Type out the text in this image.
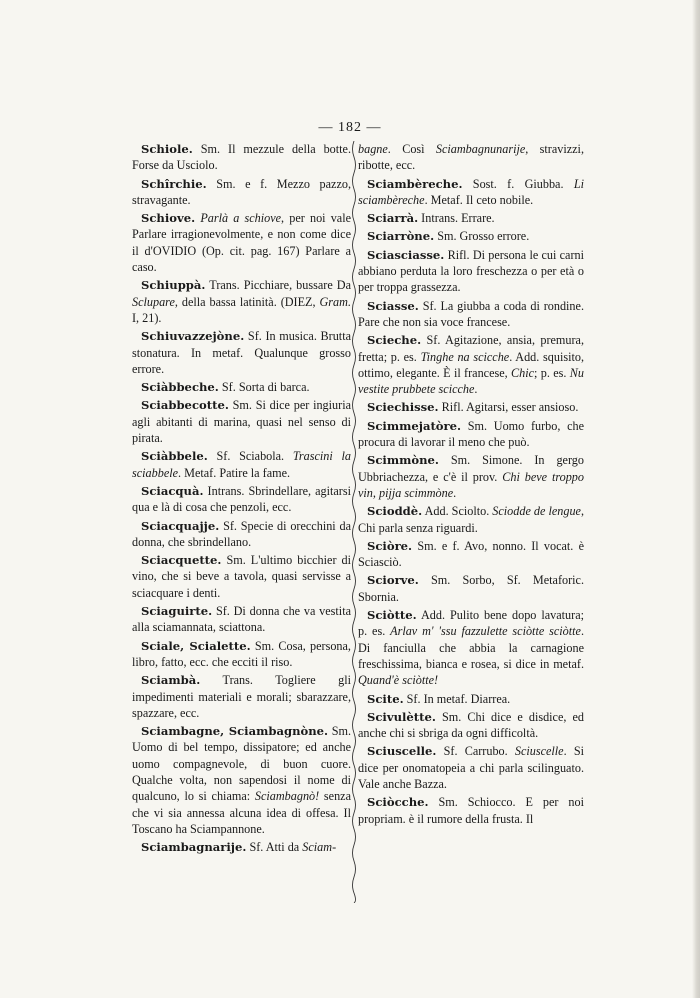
— 182 —

Schiole. Sm. Il mezzule della botte. Forse da Usciolo.

Schîrchie. Sm. e f. Mezzo pazzo, stravagante.

Schiove. Parlà a schiove, per noi vale Parlare irragionevolmente, e non come dice il d'OVIDIO (Op. cit. pag. 167) Parlare a caso.

Schiuppà. Trans. Picchiare, bussare Da Sclupare, della bassa latinità. (DIEZ, Gram. I, 21).

Schiuvazzejòne. Sf. In musica. Brutta stonatura. In metaf. Qualunque grosso errore.

Sciàbbeche. Sf. Sorta di barca.

Sciabbecotte. Sm. Si dice per ingiuria agli abitanti di marina, quasi nel senso di pirata.

Sciàbbele. Sf. Sciabola. Trascini la sciabbele. Metaf. Patire la fame.

Sciacquà. Intrans. Sbrindellare, agitarsi qua e là di cosa che penzoli, ecc.

Sciacquajje. Sf. Specie di orecchini da donna, che sbrindellano.

Sciacquette. Sm. L'ultimo bicchier di vino, che si beve a tavola, quasi servisse a sciacquare i denti.

Sciaguirte. Sf. Di donna che va vestita alla sciamannata, sciattona.

Sciale, Scialette. Sm. Cosa, persona, libro, fatto, ecc. che ecciti il riso.

Sciambà. Trans. Togliere gli impedimenti materiali e morali; sbarazzare, spazzare, ecc.

Sciambagne, Sciambagnòne. Sm. Uomo di bel tempo, dissipatore; ed anche uomo compagnevole, di buon cuore. Qualche volta, non sapendosi il nome di qualcuno, lo si chiama: Sciambagnò! senza che vi sia annessa alcuna idea di offesa. Il Toscano ha Sciampannone.

Sciambagnarije. Sf. Atti da Sciam-

bagne. Così Sciambagnunarije, stravizzi, ribotte, ecc.

Sciambèreche. Sost. f. Giubba. Li sciambèreche. Metaf. Il ceto nobile.

Sciarrà. Intrans. Errare.

Sciarròne. Sm. Grosso errore.

Sciasciasse. Rifl. Di persona le cui carni abbiano perduta la loro freschezza o per età o per troppa grassezza.

Sciasse. Sf. La giubba a coda di rondine. Pare che non sia voce francese.

Scieche. Sf. Agitazione, ansia, premura, fretta; p. es. Tinghe na scicche. Add. squisito, ottimo, elegante. È il francese, Chic; p. es. Nu vestite prubbete scicche.

Sciechisse. Rifl. Agitarsi, esser ansioso.

Scimmejatòre. Sm. Uomo furbo, che procura di lavorar il meno che può.

Scimmòne. Sm. Simone. In gergo Ubbriachezza, e c'è il prov. Chi beve troppo vin, pijja scimmòne.

Scioddè. Add. Sciolto. Sciodde de lengue, Chi parla senza riguardi.

Sciòre. Sm. e f. Avo, nonno. Il vocat. è Sciasciò.

Sciorve. Sm. Sorbo, Sf. Metaforic. Sbornia.

Sciòtte. Add. Pulito bene dopo lavatura; p. es. Arlav m' 'ssu fazzulette sciòtte sciòtte. Di fanciulla che abbia la carnagione freschissima, bianca e rosea, si dice in metaf. Quand'è sciòtte!

Scite. Sf. In metaf. Diarrea.

Scivulètte. Sm. Chi dice e disdice, ed anche chi si sbriga da ogni difficoltà.

Sciuscelle. Sf. Carrubo. Sciuscelle. Si dice per onomatopeia a chi parla scilinguato. Vale anche Bazza.

Sciòcche. Sm. Schiocco. E per noi propriam. è il rumore della frusta. Il
